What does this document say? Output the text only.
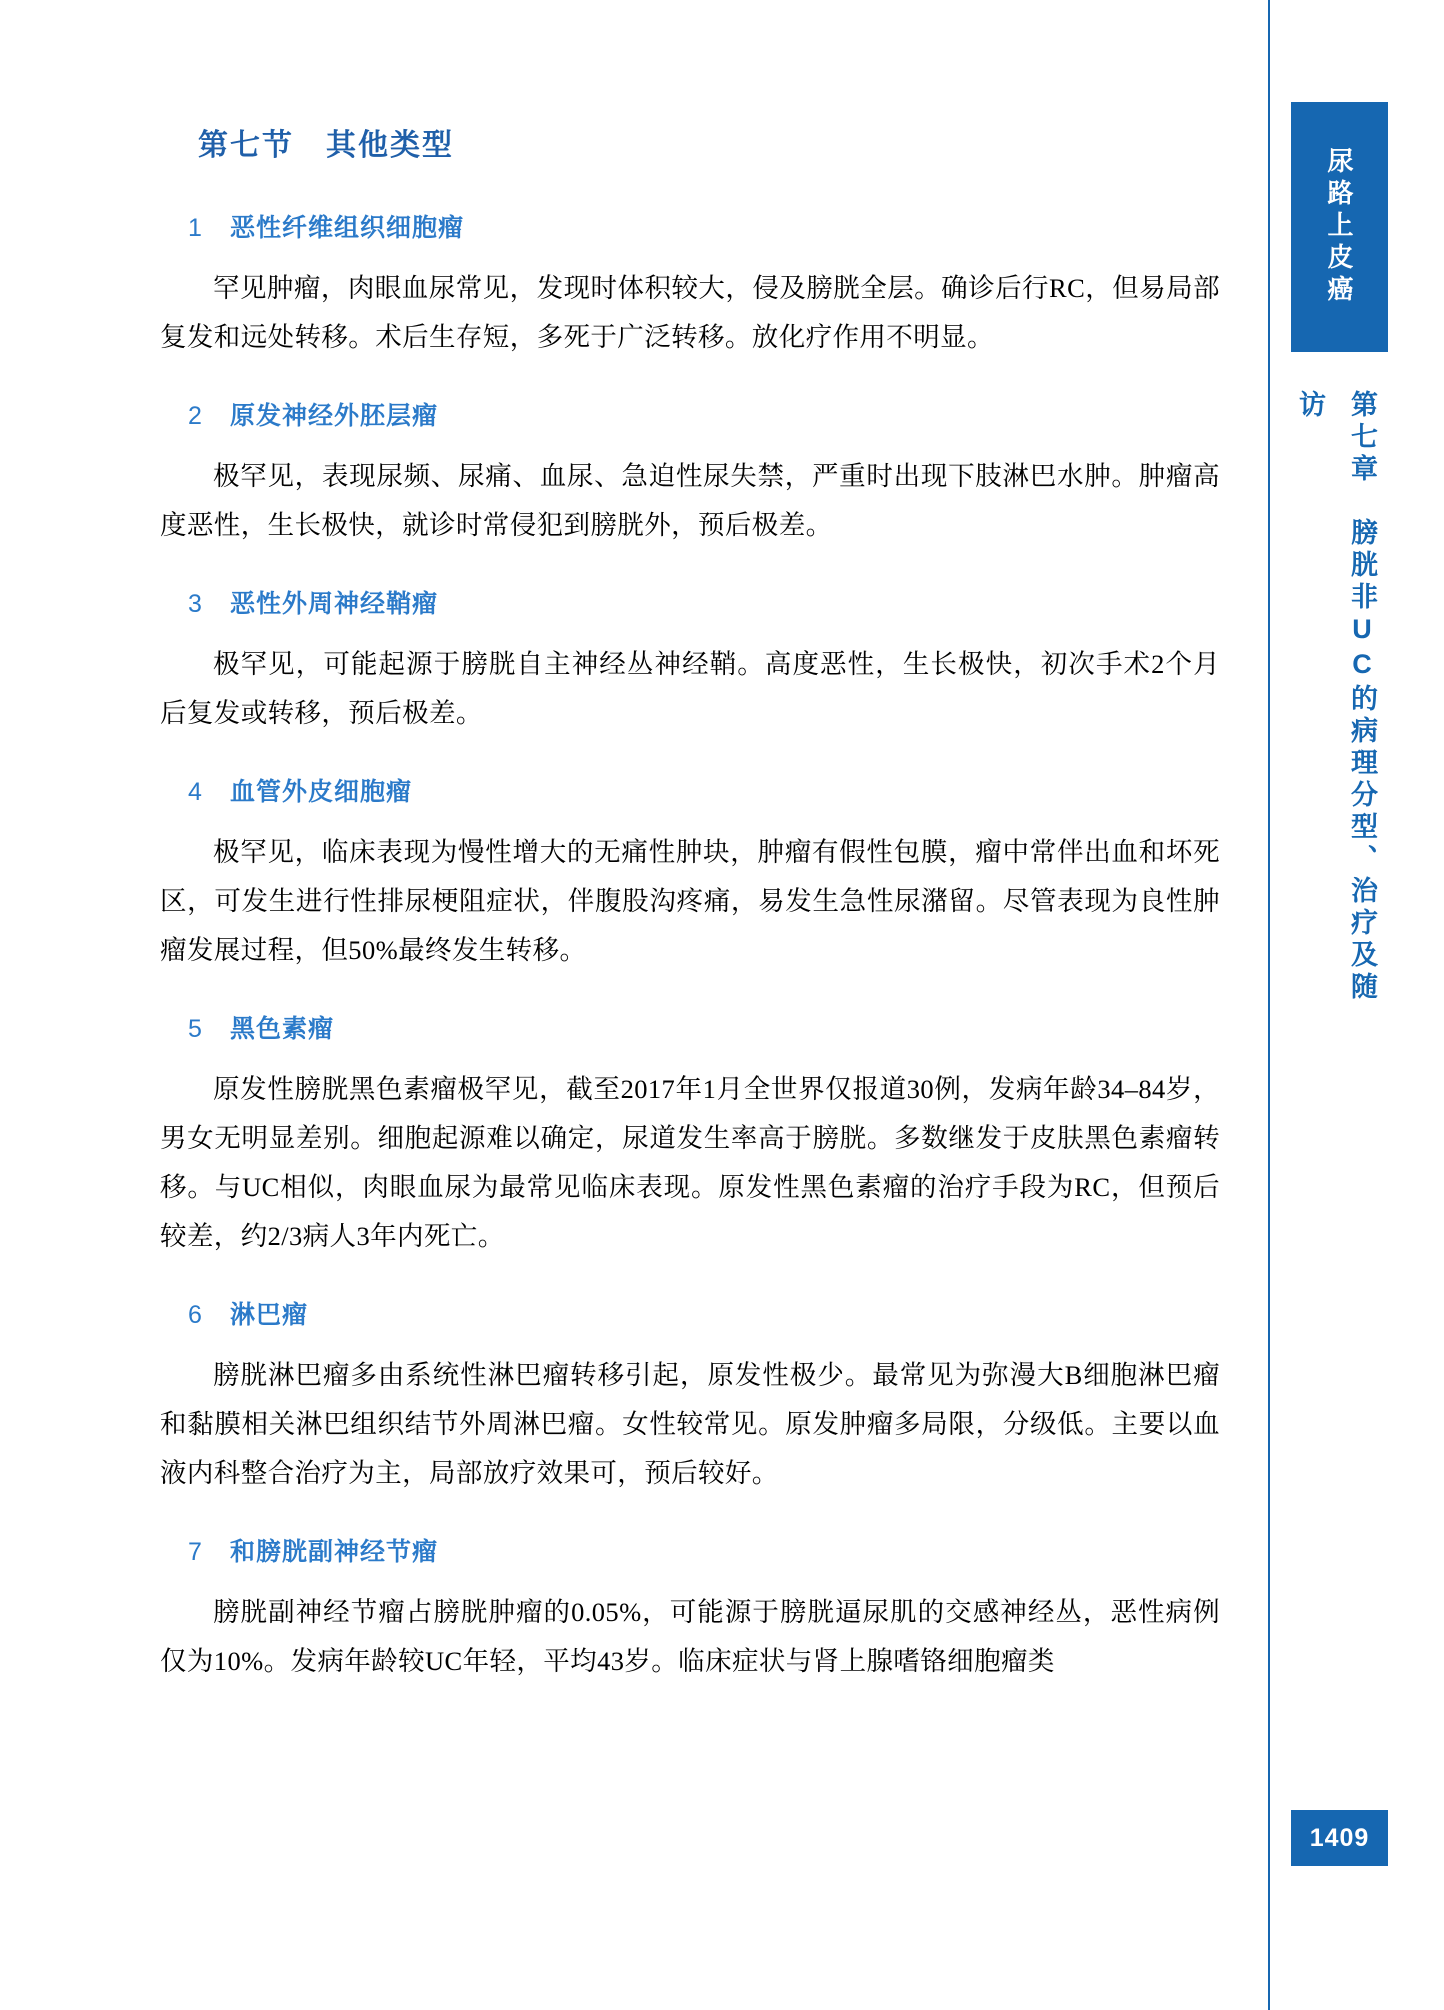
第七节　其他类型
1	恶性纤维组织细胞瘤

罕见肿瘤，肉眼血尿常见，发现时体积较大，侵及膀胱全层。确诊后行RC，但易局部复发和远处转移。术后生存短，多死于广泛转移。放化疗作用不明显。

2	原发神经外胚层瘤

极罕见，表现尿频、尿痛、血尿、急迫性尿失禁，严重时出现下肢淋巴水肿。肿瘤高度恶性，生长极快，就诊时常侵犯到膀胱外，预后极差。

3	恶性外周神经鞘瘤

极罕见，可能起源于膀胱自主神经丛神经鞘。高度恶性，生长极快，初次手术2个月后复发或转移，预后极差。

4	血管外皮细胞瘤

极罕见，临床表现为慢性增大的无痛性肿块，肿瘤有假性包膜，瘤中常伴出血和坏死区，可发生进行性排尿梗阻症状，伴腹股沟疼痛，易发生急性尿潴留。尽管表现为良性肿瘤发展过程，但50%最终发生转移。

5	黑色素瘤

原发性膀胱黑色素瘤极罕见，截至2017年1月全世界仅报道30例，发病年龄34–84岁，男女无明显差别。细胞起源难以确定，尿道发生率高于膀胱。多数继发于皮肤黑色素瘤转移。与UC相似，肉眼血尿为最常见临床表现。原发性黑色素瘤的治疗手段为RC，但预后较差，约2/3病人3年内死亡。

6	淋巴瘤

膀胱淋巴瘤多由系统性淋巴瘤转移引起，原发性极少。最常见为弥漫大B细胞淋巴瘤和黏膜相关淋巴组织结节外周淋巴瘤。女性较常见。原发肿瘤多局限，分级低。主要以血液内科整合治疗为主，局部放疗效果可，预后较好。

7	和膀胱副神经节瘤

膀胱副神经节瘤占膀胱肿瘤的0.05%，可能源于膀胱逼尿肌的交感神经丛，恶性病例仅为10%。发病年龄较UC年轻，平均43岁。临床症状与肾上腺嗜铬细胞瘤类

尿路上皮癌
第七章　膀胱非UC的病理分型、治疗及随访
1409
